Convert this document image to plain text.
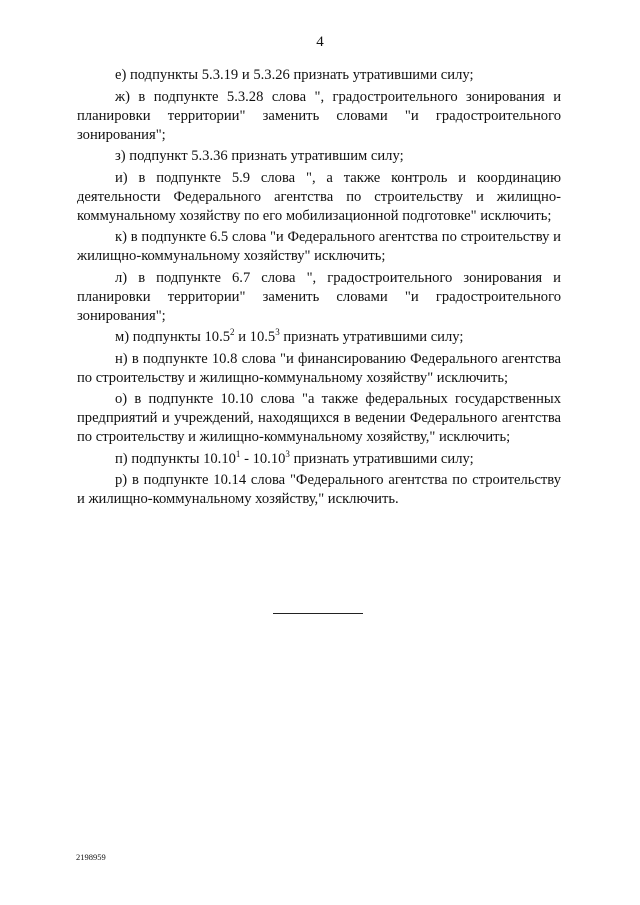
4

е) подпункты 5.3.19 и 5.3.26 признать утратившими силу;

ж) в подпункте 5.3.28 слова ", градостроительного зонирования и планировки территории" заменить словами "и градостроительного зонирования";

з) подпункт 5.3.36 признать утратившим силу;

и) в подпункте 5.9 слова ", а также контроль и координацию деятельности Федерального агентства по строительству и жилищно-коммунальному хозяйству по его мобилизационной подготовке" исключить;

к) в подпункте 6.5 слова "и Федерального агентства по строительству и жилищно-коммунальному хозяйству" исключить;

л) в подпункте 6.7 слова ", градостроительного зонирования и планировки территории" заменить словами "и градостроительного зонирования";

м) подпункты 10.5$^2$ и 10.5$^3$ признать утратившими силу;

н) в подпункте 10.8 слова "и финансированию Федерального агентства по строительству и жилищно-коммунальному хозяйству" исключить;

о) в подпункте 10.10 слова "а также федеральных государственных предприятий и учреждений, находящихся в ведении Федерального агентства по строительству и жилищно-коммунальному хозяйству," исключить;

п) подпункты 10.10$^1$ - 10.10$^3$ признать утратившими силу;

р) в подпункте 10.14 слова "Федерального агентства по строительству и жилищно-коммунальному хозяйству," исключить.

2198959
